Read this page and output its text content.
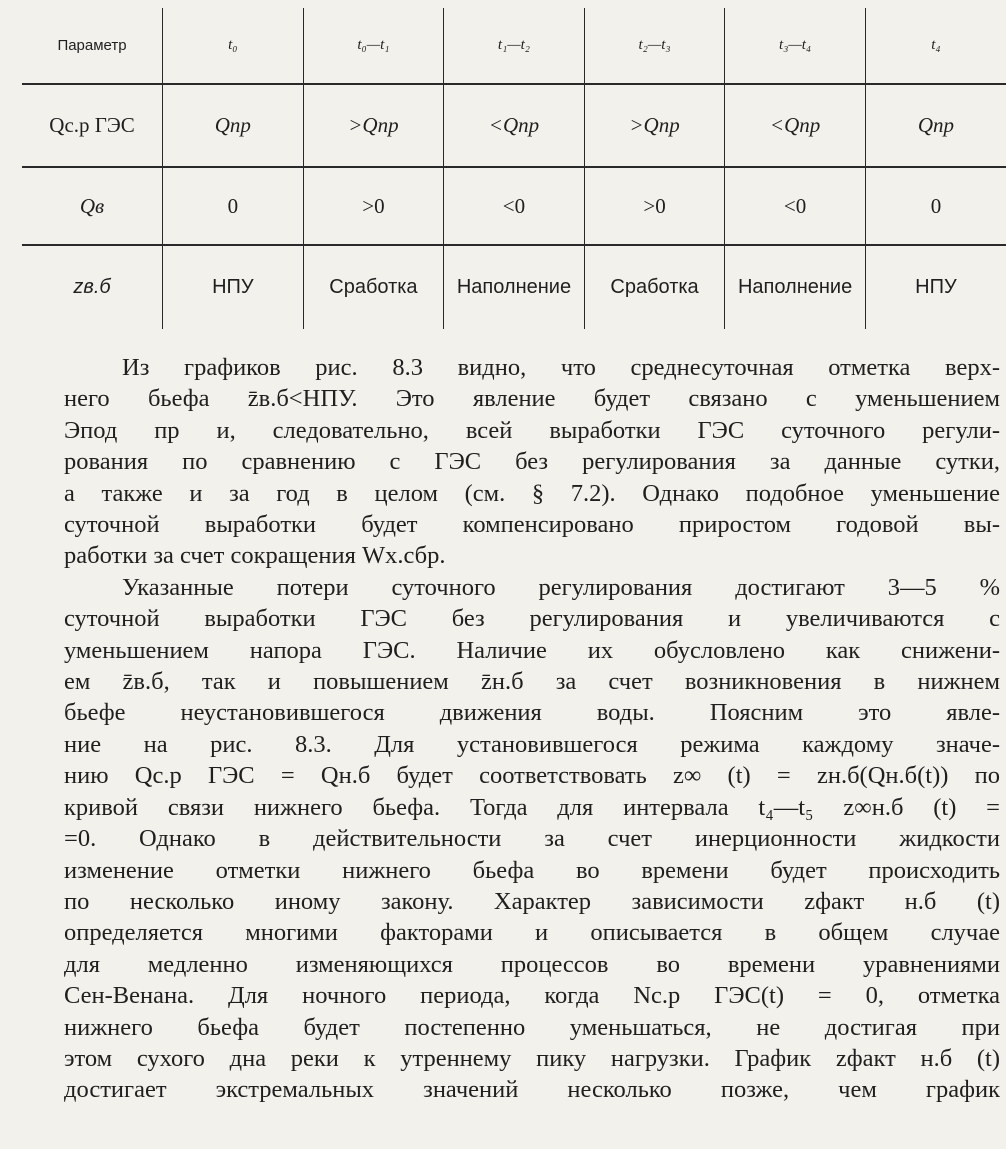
Параметр	t₀	t₀—t₁	t₁—t₂	t₂—t₃	t₃—t₄	t₄
Qс.р ГЭС	Qпр	>Qпр	<Qпр	>Qпр	<Qпр	Qпр
Qв	0	>0	<0	>0	<0	0
zв.б	НПУ	Сработка	Наполнение	Сработка	Наполнение	НПУ

Из графиков рис. 8.3 видно, что среднесуточная отметка верх-
него бьефа z̄в.б<НПУ. Это явление будет связано с уменьшением
Эпод пр и, следовательно, всей выработки ГЭС суточного регули-
рования по сравнению с ГЭС без регулирования за данные сутки,
а также и за год в целом (см. § 7.2). Однако подобное уменьшение
суточной выработки будет компенсировано приростом годовой вы-
работки за счет сокращения Wх.сбр.

Указанные потери суточного регулирования достигают 3—5 %
суточной выработки ГЭС без регулирования и увеличиваются с
уменьшением напора ГЭС. Наличие их обусловлено как снижени-
ем z̄в.б, так и повышением z̄н.б за счет возникновения в нижнем
бьефе неустановившегося движения воды. Поясним это явле-
ние на рис. 8.3. Для установившегося режима каждому значе-
нию Qс.р ГЭС = Qн.б будет соответствовать z∞ (t) = zн.б(Qн.б(t)) по
кривой связи нижнего бьефа. Тогда для интервала t₄—t₅ z∞н.б (t) =
=0. Однако в действительности за счет инерционности жидкости
изменение отметки нижнего бьефа во времени будет происходить
по несколько иному закону. Характер зависимости zфакт н.б (t)
определяется многими факторами и описывается в общем случае
для медленно изменяющихся процессов во времени уравнениями
Сен-Венана. Для ночного периода, когда Nс.р ГЭС(t) = 0, отметка
нижнего бьефа будет постепенно уменьшаться, не достигая при
этом сухого дна реки к утреннему пику нагрузки. График zфакт н.б (t)
достигает экстремальных значений несколько позже, чем график
